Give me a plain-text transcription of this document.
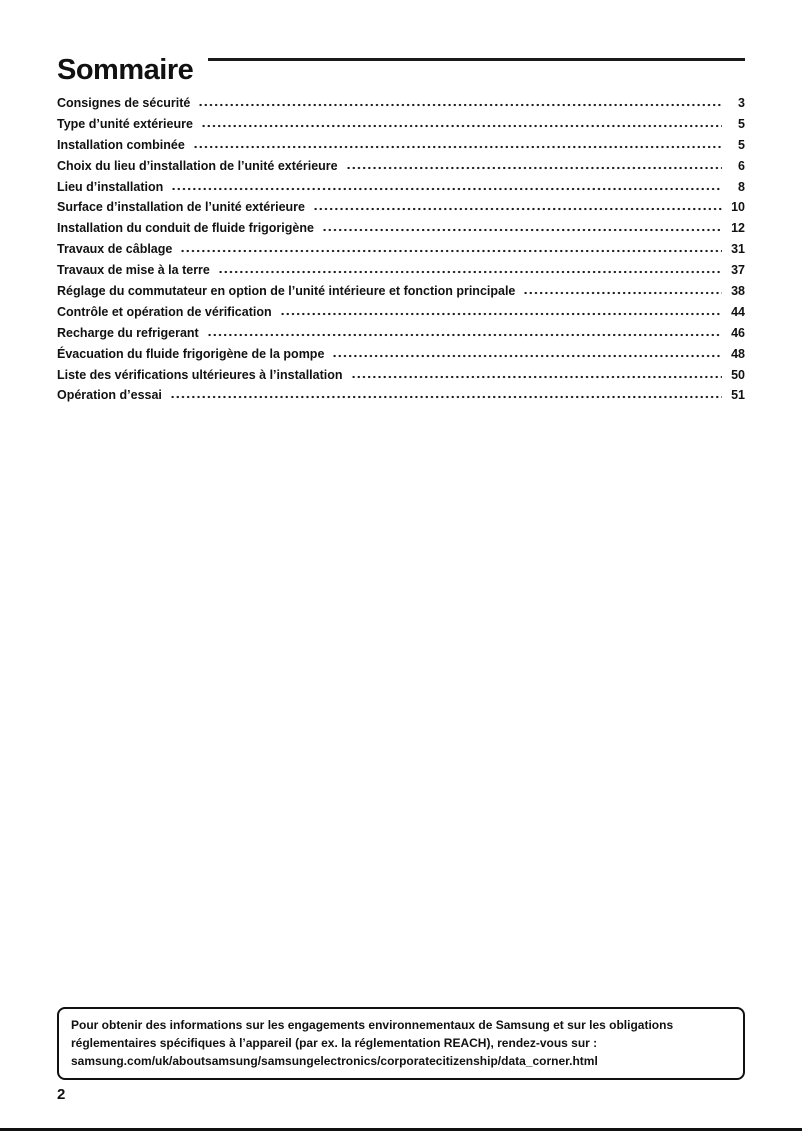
Sommaire
Consignes de sécurité	3
Type d’unité extérieure	5
Installation combinée	5
Choix du lieu d’installation de l’unité extérieure	6
Lieu d’installation	8
Surface d’installation de l’unité extérieure	10
Installation du conduit de fluide frigorigène	12
Travaux de câblage	31
Travaux de mise à la terre	37
Réglage du commutateur en option de l’unité intérieure et fonction principale	38
Contrôle et opération de vérification	44
Recharge du refrigerant	46
Évacuation du fluide frigorigène de la pompe	48
Liste des vérifications ultérieures à l’installation	50
Opération d’essai	51
Pour obtenir des informations sur les engagements environnementaux de Samsung et sur les obligations réglementaires spécifiques à l’appareil (par ex. la réglementation REACH), rendez-vous sur : samsung.com/uk/aboutsamsung/samsungelectronics/corporatecitizenship/data_corner.html
2
